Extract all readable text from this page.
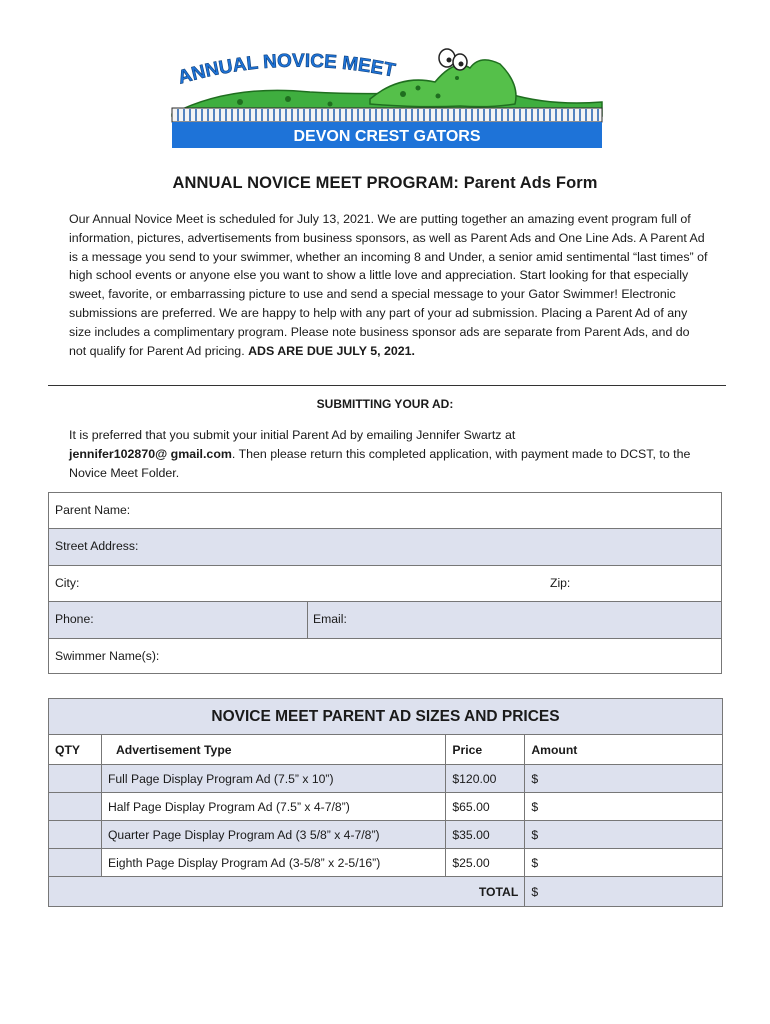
ANNUAL NOVICE MEET
DEVON CREST GATORS
ANNUAL NOVICE MEET PROGRAM: Parent Ads Form

Our Annual Novice Meet is scheduled for July 13, 2021. We are putting together an amazing event program full of information, pictures, advertisements from business sponsors, as well as Parent Ads and One Line Ads. A Parent Ad is a message you send to your swimmer, whether an incoming 8 and Under, a senior amid sentimental “last times” of high school events or anyone else you want to show a little love and appreciation. Start looking for that especially sweet, favorite, or embarrassing picture to use and send a special message to your Gator Swimmer! Electronic submissions are preferred. We are happy to help with any part of your ad submission. Placing a Parent Ad of any size includes a complimentary program. Please note business sponsor ads are separate from Parent Ads, and do not qualify for Parent Ad pricing. ADS ARE DUE JULY 5, 2021.

SUBMITTING YOUR AD:

It is preferred that you submit your initial Parent Ad by emailing Jennifer Swartz at
jennifer102870@ gmail.com. Then please return this completed application, with payment made to DCST, to the Novice Meet Folder.

Parent Name:
Street Address:
City:	Zip:
Phone:	Email:
Swimmer Name(s):
NOVICE MEET PARENT AD SIZES AND PRICES			
QTY	Advertisement Type	Price	Amount
	Full Page Display Program Ad (7.5” x 10”)	$120.00	$
	Half Page Display Program Ad (7.5” x 4-7/8”)	$65.00	$
	Quarter Page Display Program Ad (3 5/8” x 4-7/8”)	$35.00	$
	Eighth Page Display Program Ad (3-5/8” x 2-5/16”)	$25.00	$
TOTAL			$
